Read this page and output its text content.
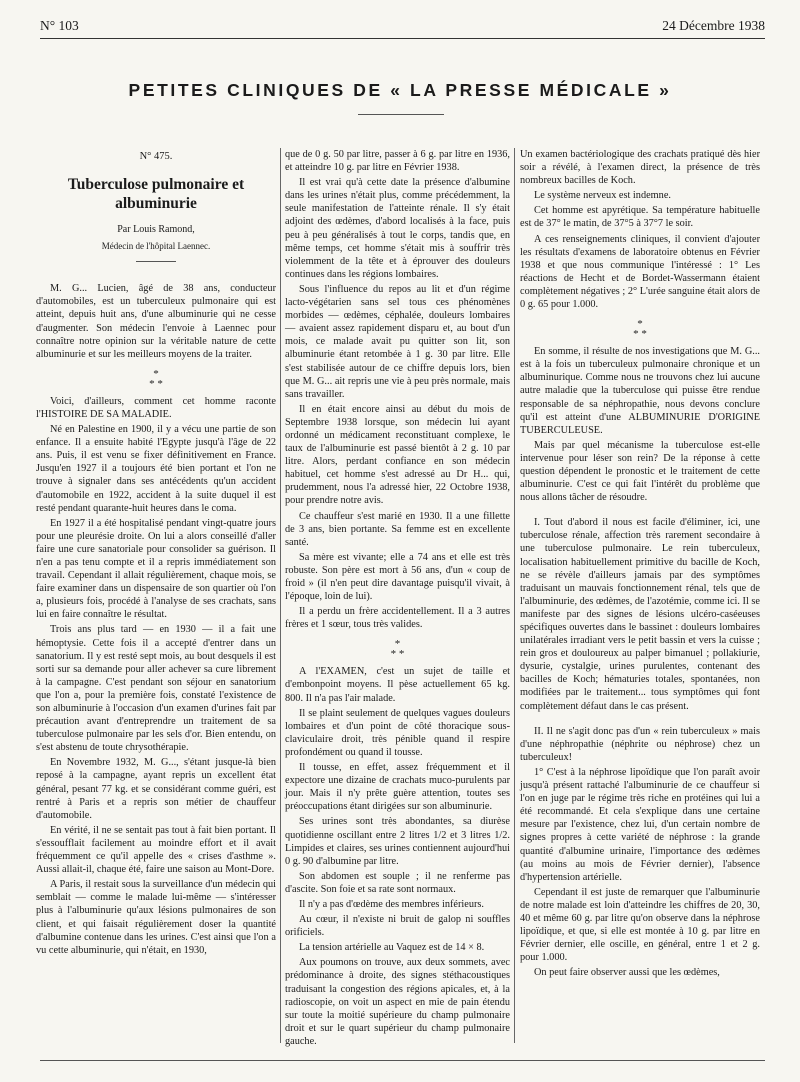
N° 103	24 Décembre 1938
PETITES CLINIQUES DE « LA PRESSE MÉDICALE »
N° 475.
Tuberculose pulmonaire et albuminurie
Par Louis Ramond,
Médecin de l'hôpital Laennec.

M. G... Lucien, âgé de 38 ans, conducteur d'automobiles, est un tuberculeux pulmonaire qui est atteint, depuis huit ans, d'une albuminurie qui ne cesse d'augmenter. Son médecin l'envoie à Laennec pour connaître notre opinion sur la véritable nature de cette albuminurie et sur les meilleurs moyens de la traiter.

*
* *

Voici, d'ailleurs, comment cet homme raconte l'HISTOIRE DE SA MALADIE.

Né en Palestine en 1900, il y a vécu une partie de son enfance. Il a ensuite habité l'Egypte jusqu'à l'âge de 22 ans. Puis, il est venu se fixer définitivement en France. Jusqu'en 1927 il a toujours été bien portant et l'on ne trouve à signaler dans ses antécédents qu'un accident d'automobile en 1922, accident à la suite duquel il est resté pendant quarante-huit heures dans le coma.

En 1927 il a été hospitalisé pendant vingt-quatre jours pour une pleurésie droite. On lui a alors conseillé d'aller faire une cure sanatoriale pour consolider sa guérison. Il n'en a pas tenu compte et il a repris immédiatement son travail. Cependant il allait régulièrement, chaque mois, se faire examiner dans un dispensaire de son quartier où l'on a, plusieurs fois, procédé à l'analyse de ses crachats, sans lui en faire connaître le résultat.

Trois ans plus tard — en 1930 — il a fait une hémoptysie. Cette fois il a accepté d'entrer dans un sanatorium. Il y est resté sept mois, au bout desquels il est sorti sur sa demande pour aller achever sa cure librement à la campagne. C'est pendant son séjour en sanatorium que l'on a, pour la première fois, constaté l'existence de son albuminurie à l'occasion d'un examen d'urines fait par précaution avant d'entreprendre un traitement de sa tuberculose pulmonaire par les sels d'or. Bien entendu, on s'est abstenu de toute chrysothérapie.

En Novembre 1932, M. G..., s'étant jusque-là bien reposé à la campagne, ayant repris un excellent état général, pesant 77 kg. et se considérant comme guéri, est rentré à Paris et a repris son métier de chauffeur d'automobile.

En vérité, il ne se sentait pas tout à fait bien portant. Il s'essoufflait facilement au moindre effort et il avait fréquemment ce qu'il appelle des « crises d'asthme ». Aussi allait-il, chaque été, faire une saison au Mont-Dore.

A Paris, il restait sous la surveillance d'un médecin qui semblait — comme le malade lui-même — s'intéresser plus à l'albuminurie qu'aux lésions pulmonaires de son client, et qui faisait régulièrement doser la quantité d'albumine contenue dans les urines. C'est ainsi que l'on a vu cette albuminurie, qui n'était, en 1930,

que de 0 g. 50 par litre, passer à 6 g. par litre en 1936, et atteindre 10 g. par litre en Février 1938.

Il est vrai qu'à cette date la présence d'albumine dans les urines n'était plus, comme précédemment, la seule manifestation de l'atteinte rénale. Il s'y était adjoint des œdèmes, d'abord localisés à la face, puis peu à peu généralisés à tout le corps, tandis que, en même temps, cet homme s'était mis à souffrir très violemment de la tête et à éprouver des douleurs continues dans les régions lombaires.

Sous l'influence du repos au lit et d'un régime lacto-végétarien sans sel tous ces phénomènes morbides — œdèmes, céphalée, douleurs lombaires — avaient assez rapidement disparu et, au bout d'un mois, ce malade avait pu quitter son lit, son albuminurie étant retombée à 1 g. 30 par litre. Elle s'est stabilisée autour de ce chiffre depuis lors, bien que M. G... ait repris une vie à peu près normale, mais sans travailler.

Il en était encore ainsi au début du mois de Septembre 1938 lorsque, son médecin lui ayant ordonné un médicament reconstituant complexe, le taux de l'albuminurie est passé bientôt à 2 g. 10 par litre. Alors, perdant confiance en son médecin habituel, cet homme s'est adressé au Dr H... qui, prudemment, nous l'a adressé hier, 22 Octobre 1938, pour prendre notre avis.

Ce chauffeur s'est marié en 1930. Il a une fillette de 3 ans, bien portante. Sa femme est en excellente santé.

Sa mère est vivante; elle a 74 ans et elle est très robuste. Son père est mort à 56 ans, d'un « coup de froid » (il n'en peut dire davantage puisqu'il vivait, à l'époque, loin de lui).

Il a perdu un frère accidentellement. Il a 3 autres frères et 1 sœur, tous très valides.

*
* *

A l'EXAMEN, c'est un sujet de taille et d'embonpoint moyens. Il pèse actuellement 65 kg. 800. Il n'a pas l'air malade.

Il se plaint seulement de quelques vagues douleurs lombaires et d'un point de côté thoracique sous-claviculaire droit, très pénible quand il respire profondément ou quand il tousse.

Il tousse, en effet, assez fréquemment et il expectore une dizaine de crachats muco-purulents par jour. Mais il n'y prête guère attention, toutes ses préoccupations étant dirigées sur son albuminurie.

Ses urines sont très abondantes, sa diurèse quotidienne oscillant entre 2 litres 1/2 et 3 litres 1/2. Limpides et claires, ses urines contiennent aujourd'hui 0 g. 90 d'albumine par litre.

Son abdomen est souple ; il ne renferme pas d'ascite. Son foie et sa rate sont normaux.

Il n'y a pas d'œdème des membres inférieurs.

Au cœur, il n'existe ni bruit de galop ni souffles orificiels.

La tension artérielle au Vaquez est de 14 × 8.

Aux poumons on trouve, aux deux sommets, avec prédominance à droite, des signes stéthacoustiques traduisant la congestion des régions apicales, et, à la radioscopie, on voit un aspect en mie de pain étendu sur toute la moitié supérieure du champ pulmonaire droit et sur le quart supérieur du champ pulmonaire gauche.

Un examen bactériologique des crachats pratiqué dès hier soir a révélé, à l'examen direct, la présence de très nombreux bacilles de Koch.

Le système nerveux est indemne.

Cet homme est apyrétique. Sa température habituelle est de 37° le matin, de 37°5 à 37°7 le soir.

A ces renseignements cliniques, il convient d'ajouter les résultats d'examens de laboratoire obtenus en Février 1938 et que nous communique l'intéressé : 1° Les réactions de Hecht et de Bordet-Wassermann étaient complètement négatives ; 2° L'urée sanguine était alors de 0 g. 65 pour 1.000.

*
* *

En somme, il résulte de nos investigations que M. G... est à la fois un tuberculeux pulmonaire chronique et un albuminurique. Comme nous ne trouvons chez lui aucune autre maladie que la tuberculose qui puisse être rendue responsable de sa néphropathie, nous devons conclure qu'il est atteint d'une ALBUMINURIE D'ORIGINE TUBERCULEUSE.

Mais par quel mécanisme la tuberculose est-elle intervenue pour léser son rein? De la réponse à cette question dépendent le pronostic et le traitement de cette albuminurie. C'est ce qui fait l'intérêt du problème que nous allons tâcher de résoudre.

I. Tout d'abord il nous est facile d'éliminer, ici, une tuberculose rénale, affection très rarement secondaire à une tuberculose pulmonaire. Le rein tuberculeux, localisation habituellement primitive du bacille de Koch, ne se révèle d'ailleurs jamais par des symptômes traduisant un mauvais fonctionnement rénal, tels que de l'albuminurie, des œdèmes, de l'azotémie, comme ici. Il se manifeste par des signes de lésions ulcéro-caséeuses spécifiques ouvertes dans le bassinet : douleurs lombaires unilatérales irradiant vers le petit bassin et vers la cuisse ; rein gros et douloureux au palper bimanuel ; pollakiurie, dysurie, cystalgie, urines purulentes, contenant des bacilles de Koch; hématuries totales, spontanées, non modifiées par le traitement... tous symptômes qui font complètement défaut dans le cas présent.

II. Il ne s'agit donc pas d'un « rein tuberculeux » mais d'une néphropathie (néphrite ou néphrose) chez un tuberculeux!

1° C'est à la néphrose lipoïdique que l'on paraît avoir jusqu'à présent rattaché l'albuminurie de ce chauffeur si l'on en juge par le régime très riche en protéines qui lui a été recommandé. Et cela s'explique dans une certaine mesure par l'existence, chez lui, d'un certain nombre de signes propres à cette variété de néphrose : la grande quantité d'albumine urinaire, l'importance des œdèmes (au moins au mois de Février dernier), l'absence d'hypertension artérielle.

Cependant il est juste de remarquer que l'albuminurie de notre malade est loin d'atteindre les chiffres de 20, 30, 40 et même 60 g. par litre qu'on observe dans la néphrose lipoïdique, et que, si elle est montée à 10 g. par litre en Février dernier, elle oscille, en général, entre 1 et 2 g. pour 1.000.

On peut faire observer aussi que les œdèmes,
